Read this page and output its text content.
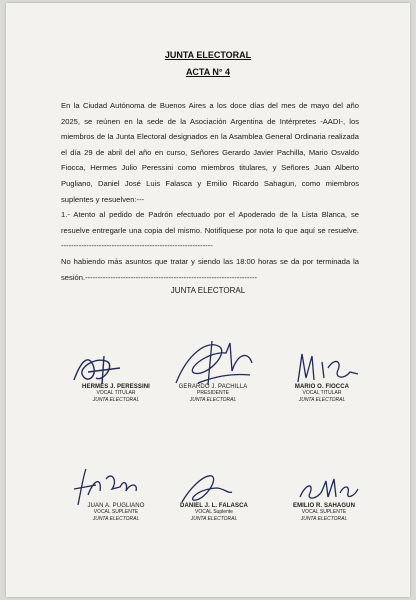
JUNTA ELECTORAL
ACTA N° 4

En la Ciudad Autónoma de Buenos Aires a los doce días del mes de mayo del año 2025, se reúnen en la sede de la Asociación Argentina de Intérpretes -AADI-, los miembros de la Junta Electoral designados en la Asamblea General Ordinaria realizada el día 29 de abril del año en curso, Señores Gerardo Javier Pachilla, Mario Osvaldo Fiocca, Hermes Julio Peressini como miembros titulares, y Señores Juan Alberto Pugliano, Daniel José Luis Falasca y Emilio Ricardo Sahagun, como miembros suplentes y resuelven:---

1.- Atento al pedido de Padrón efectuado por el Apoderado de la Lista Blanca, se resuelve entregarle una copia del mismo. Notifíquese por nota lo que aquí se resuelve.------------------------------------------------------------

No habiendo más asuntos que tratar y siendo las 18:00 horas se da por terminada la sesión.--------------------------------------------------------------------

JUNTA ELECTORAL
HERMES J. PERESSINI
VOCAL TITULAR
JUNTA ELECTORAL
GERARDO J. PACHILLA
PRESIDENTE
JUNTA ELECTORAL
MARIO O. FIOCCA
VOCAL TITULAR
JUNTA ELECTORAL
JUAN A. PUGLIANO
VOCAL SUPLENTE
JUNTA ELECTORAL
DANIEL J. L. FALASCA
VOCAL Suplente
JUNTA ELECTORAL
EMILIO R. SAHAGUN
VOCAL SUPLENTE
JUNTA ELECTORAL
